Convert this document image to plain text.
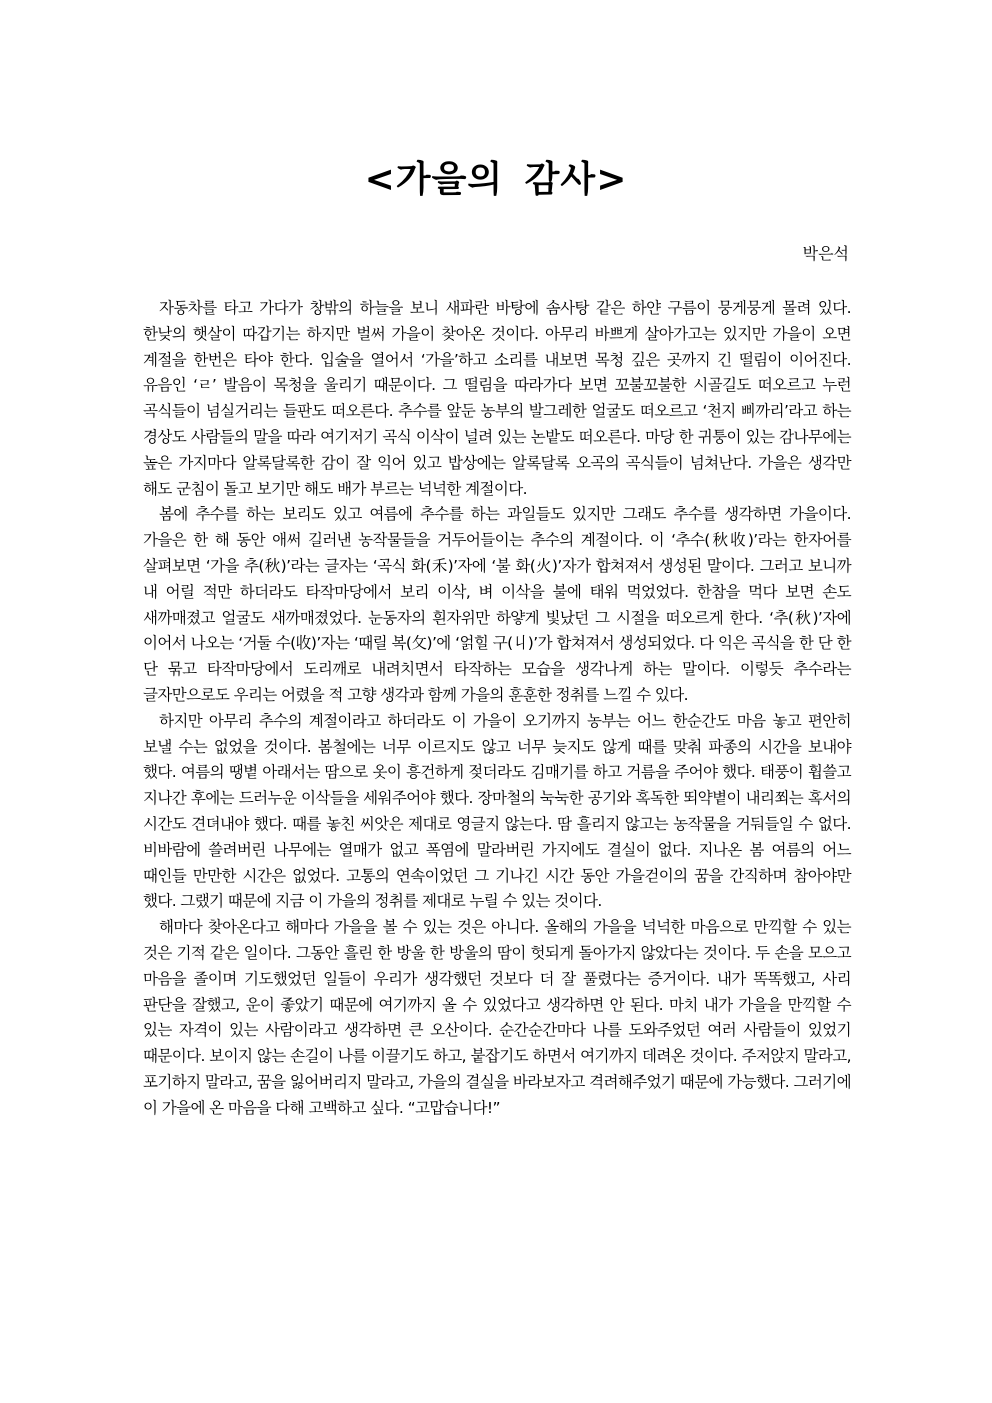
<가을의 감사>
박은석

자동차를 타고 가다가 창밖의 하늘을 보니 새파란 바탕에 솜사탕 같은 하얀 구름이 뭉게뭉게 몰려 있다. 한낮의 햇살이 따갑기는 하지만 벌써 가을이 찾아온 것이다. 아무리 바쁘게 살아가고는 있지만 가을이 오면 계절을 한번은 타야 한다. 입술을 열어서 ‘가을’하고 소리를 내보면 목청 깊은 곳까지 긴 떨림이 이어진다. 유음인 ‘ㄹ’ 발음이 목청을 울리기 때문이다. 그 떨림을 따라가다 보면 꼬불꼬불한 시골길도 떠오르고 누런 곡식들이 넘실거리는 들판도 떠오른다. 추수를 앞둔 농부의 발그레한 얼굴도 떠오르고 ‘천지 삐까리’라고 하는 경상도 사람들의 말을 따라 여기저기 곡식 이삭이 널려 있는 논밭도 떠오른다. 마당 한 귀퉁이 있는 감나무에는 높은 가지마다 알록달록한 감이 잘 익어 있고 밥상에는 알록달록 오곡의 곡식들이 넘쳐난다. 가을은 생각만 해도 군침이 돌고 보기만 해도 배가 부르는 넉넉한 계절이다.

봄에 추수를 하는 보리도 있고 여름에 추수를 하는 과일들도 있지만 그래도 추수를 생각하면 가을이다. 가을은 한 해 동안 애써 길러낸 농작물들을 거두어들이는 추수의 계절이다. 이 ‘추수(秋收)’라는 한자어를 살펴보면 ‘가을 추(秋)’라는 글자는 ‘곡식 화(禾)’자에 ‘불 화(火)’자가 합쳐져서 생성된 말이다. 그러고 보니까 내 어릴 적만 하더라도 타작마당에서 보리 이삭, 벼 이삭을 불에 태워 먹었었다. 한참을 먹다 보면 손도 새까매졌고 얼굴도 새까매졌었다. 눈동자의 흰자위만 하얗게 빛났던 그 시절을 떠오르게 한다. ‘추(秋)’자에 이어서 나오는 ‘거둘 수(收)’자는 ‘때릴 복(攵)’에 ‘얽힐 구(丩)’가 합쳐져서 생성되었다. 다 익은 곡식을 한 단 한 단 묶고 타작마당에서 도리깨로 내려치면서 타작하는 모습을 생각나게 하는 말이다. 이렇듯 추수라는 글자만으로도 우리는 어렸을 적 고향 생각과 함께 가을의 훈훈한 정취를 느낄 수 있다.

하지만 아무리 추수의 계절이라고 하더라도 이 가을이 오기까지 농부는 어느 한순간도 마음 놓고 편안히 보낼 수는 없었을 것이다. 봄철에는 너무 이르지도 않고 너무 늦지도 않게 때를 맞춰 파종의 시간을 보내야 했다. 여름의 땡볕 아래서는 땀으로 옷이 흥건하게 젖더라도 김매기를 하고 거름을 주어야 했다. 태풍이 휩쓸고 지나간 후에는 드러누운 이삭들을 세워주어야 했다. 장마철의 눅눅한 공기와 혹독한 뙤약볕이 내리쬐는 혹서의 시간도 견뎌내야 했다. 때를 놓친 씨앗은 제대로 영글지 않는다. 땀 흘리지 않고는 농작물을 거둬들일 수 없다. 비바람에 쓸려버린 나무에는 열매가 없고 폭염에 말라버린 가지에도 결실이 없다. 지나온 봄 여름의 어느 때인들 만만한 시간은 없었다. 고통의 연속이었던 그 기나긴 시간 동안 가을걷이의 꿈을 간직하며 참아야만 했다. 그랬기 때문에 지금 이 가을의 정취를 제대로 누릴 수 있는 것이다.

해마다 찾아온다고 해마다 가을을 볼 수 있는 것은 아니다. 올해의 가을을 넉넉한 마음으로 만끽할 수 있는 것은 기적 같은 일이다. 그동안 흘린 한 방울 한 방울의 땀이 헛되게 돌아가지 않았다는 것이다. 두 손을 모으고 마음을 졸이며 기도했었던 일들이 우리가 생각했던 것보다 더 잘 풀렸다는 증거이다. 내가 똑똑했고, 사리 판단을 잘했고, 운이 좋았기 때문에 여기까지 올 수 있었다고 생각하면 안 된다. 마치 내가 가을을 만끽할 수 있는 자격이 있는 사람이라고 생각하면 큰 오산이다. 순간순간마다 나를 도와주었던 여러 사람들이 있었기 때문이다. 보이지 않는 손길이 나를 이끌기도 하고, 붙잡기도 하면서 여기까지 데려온 것이다. 주저앉지 말라고, 포기하지 말라고, 꿈을 잃어버리지 말라고, 가을의 결실을 바라보자고 격려해주었기 때문에 가능했다. 그러기에 이 가을에 온 마음을 다해 고백하고 싶다. “고맙습니다!”
